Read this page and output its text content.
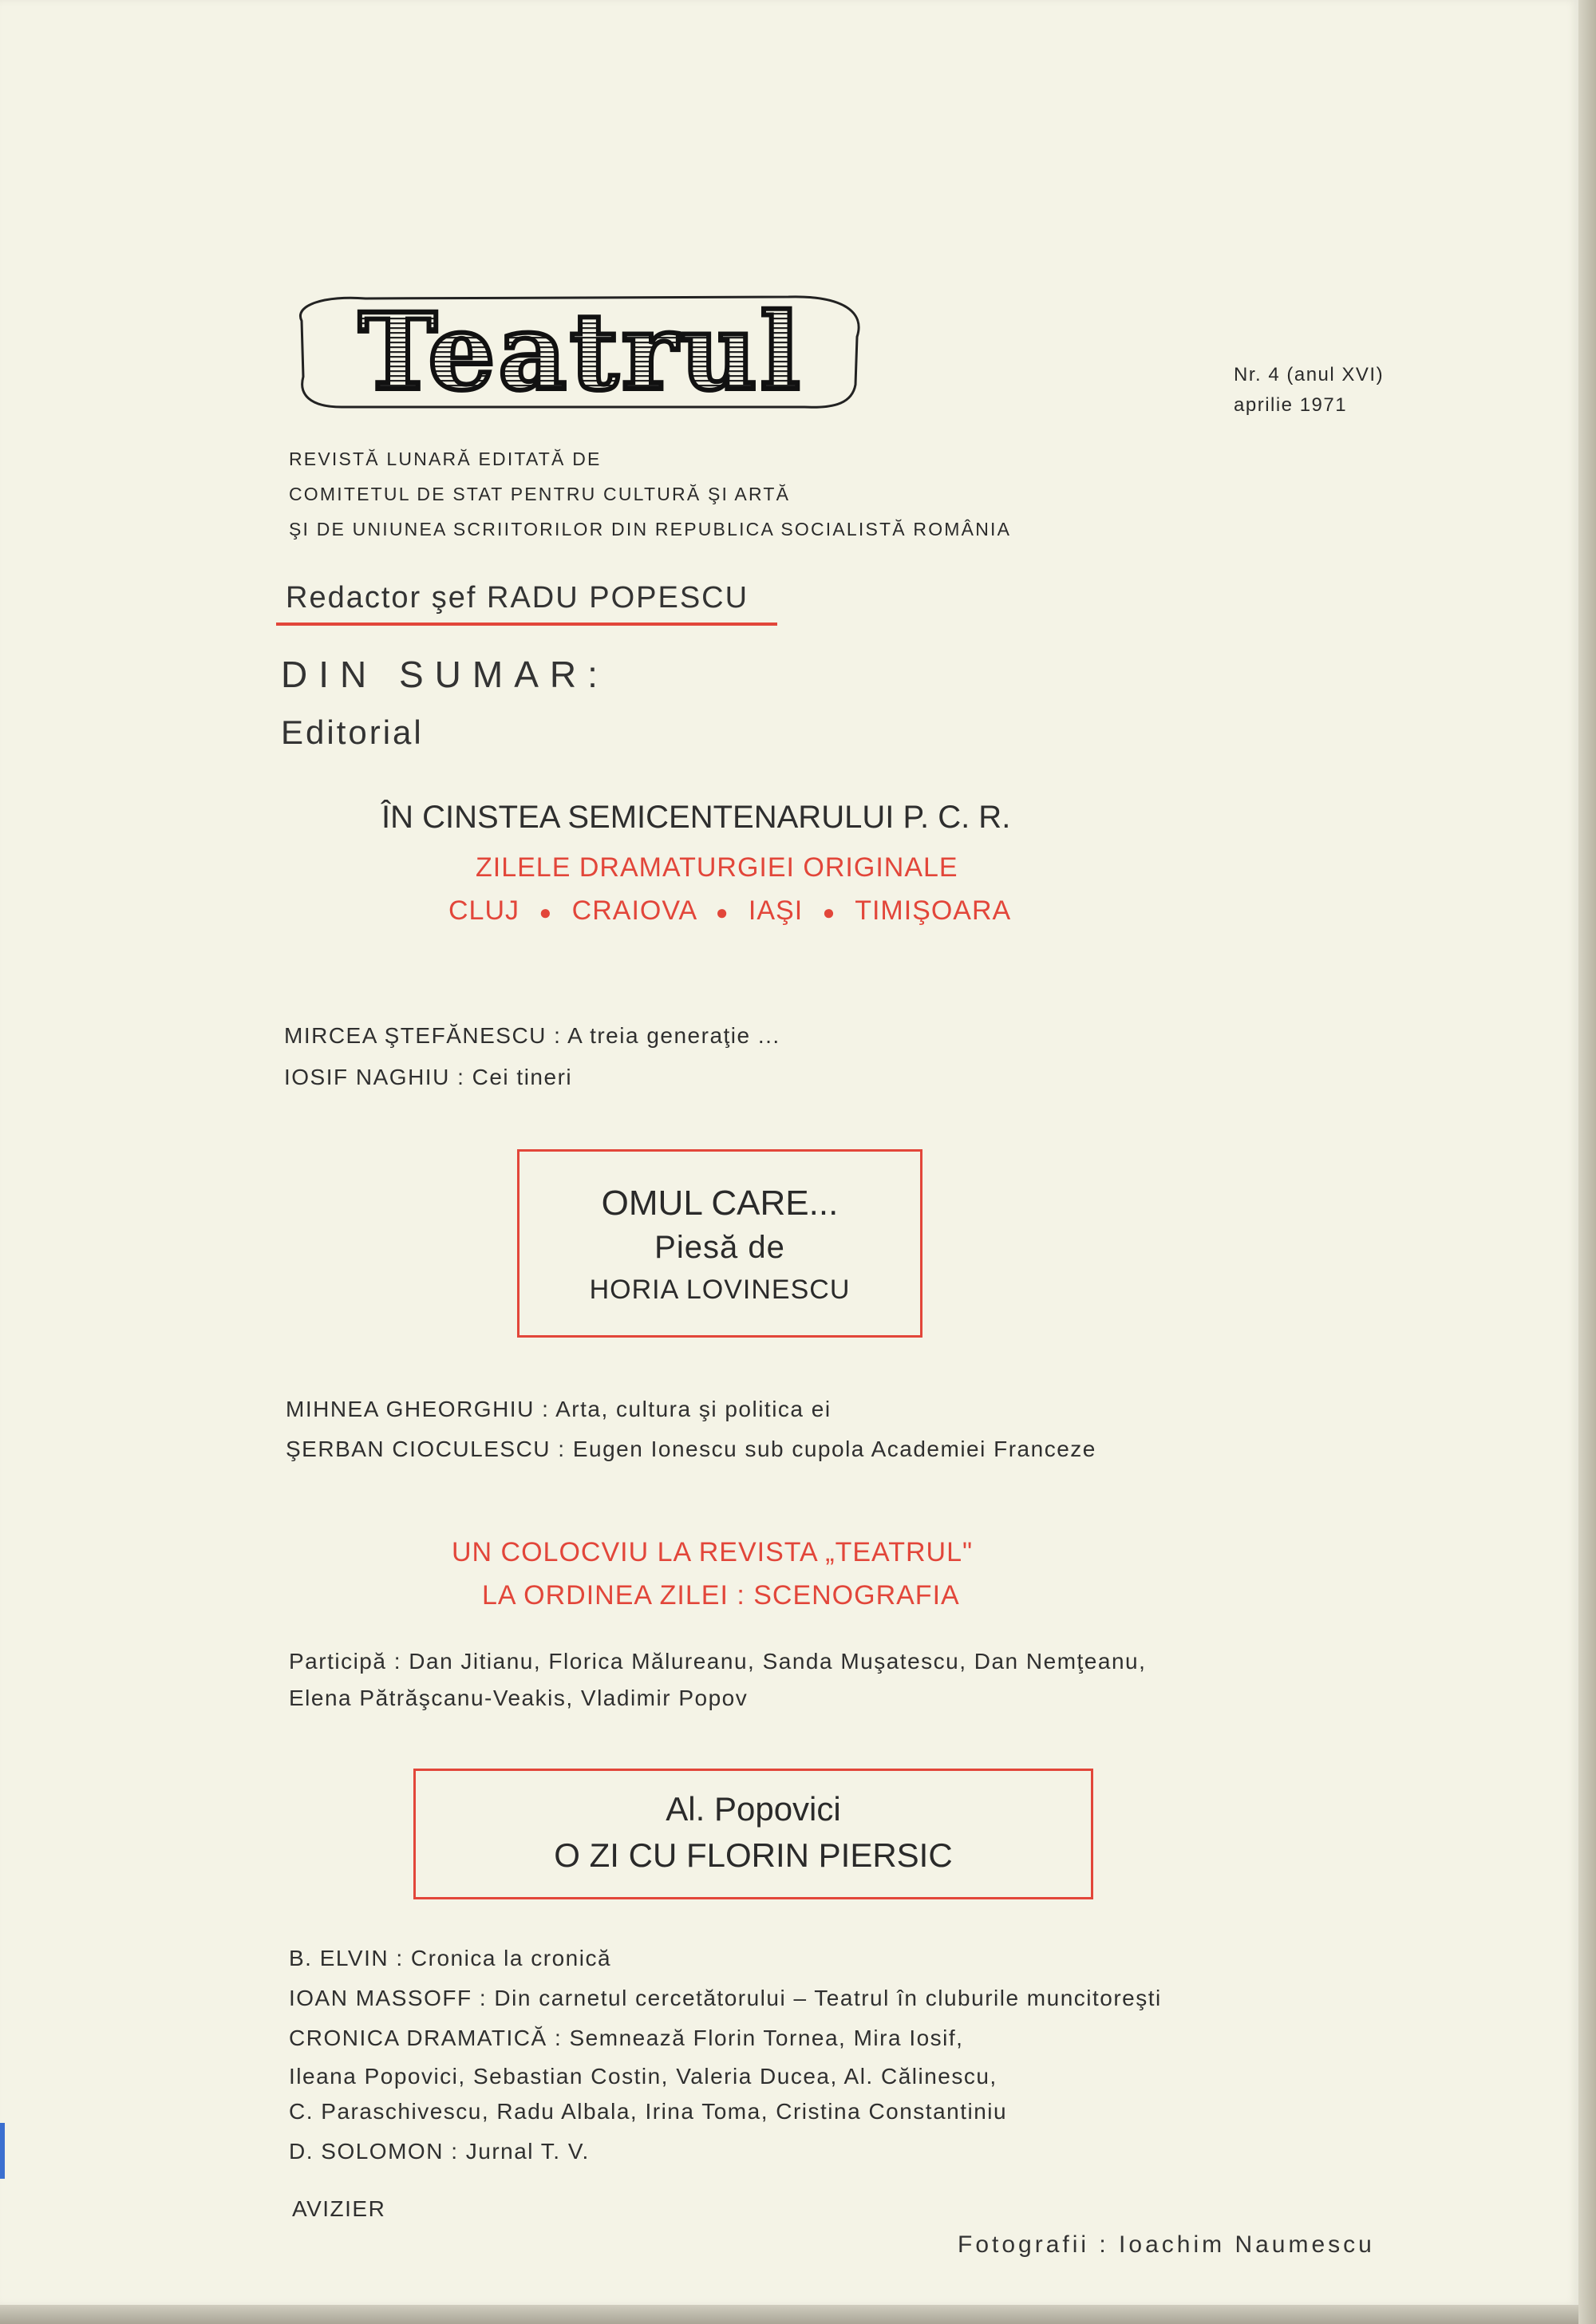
Teatrul	Nr. 4 (anul XVI)
aprilie 1971
REVISTĂ LUNARĂ EDITATĂ DE
COMITETUL DE STAT PENTRU CULTURĂ ŞI ARTĂ
ŞI DE UNIUNEA SCRIITORILOR DIN REPUBLICA SOCIALISTĂ ROMÂNIA
Redactor şef RADU POPESCU
DIN SUMAR:
Editorial
ÎN CINSTEA SEMICENTENARULUI P. C. R.
ZILELE DRAMATURGIEI ORIGINALE
CLUJ ● CRAIOVA ● IAŞI ● TIMIŞOARA
MIRCEA ŞTEFĂNESCU : A treia generaţie ...
IOSIF NAGHIU : Cei tineri
OMUL CARE...
Piesă de
HORIA LOVINESCU
MIHNEA GHEORGHIU : Arta, cultura şi politica ei
ŞERBAN CIOCULESCU : Eugen Ionescu sub cupola Academiei Franceze
UN COLOCVIU LA REVISTA „TEATRUL"
LA ORDINEA ZILEI : SCENOGRAFIA
Participă : Dan Jitianu, Florica Mălureanu, Sanda Muşatescu, Dan Nemţeanu,
Elena Pătrăşcanu-Veakis, Vladimir Popov
Al. Popovici
O ZI CU FLORIN PIERSIC
B. ELVIN : Cronica la cronică
IOAN MASSOFF : Din carnetul cercetătorului – Teatrul în cluburile muncitoreşti
CRONICA DRAMATICĂ : Semnează Florin Tornea, Mira Iosif,
Ileana Popovici, Sebastian Costin, Valeria Ducea, Al. Călinescu,
C. Paraschivescu, Radu Albala, Irina Toma, Cristina Constantiniu
D. SOLOMON : Jurnal T. V.
AVIZIER
Fotografii : Ioachim Naumescu
